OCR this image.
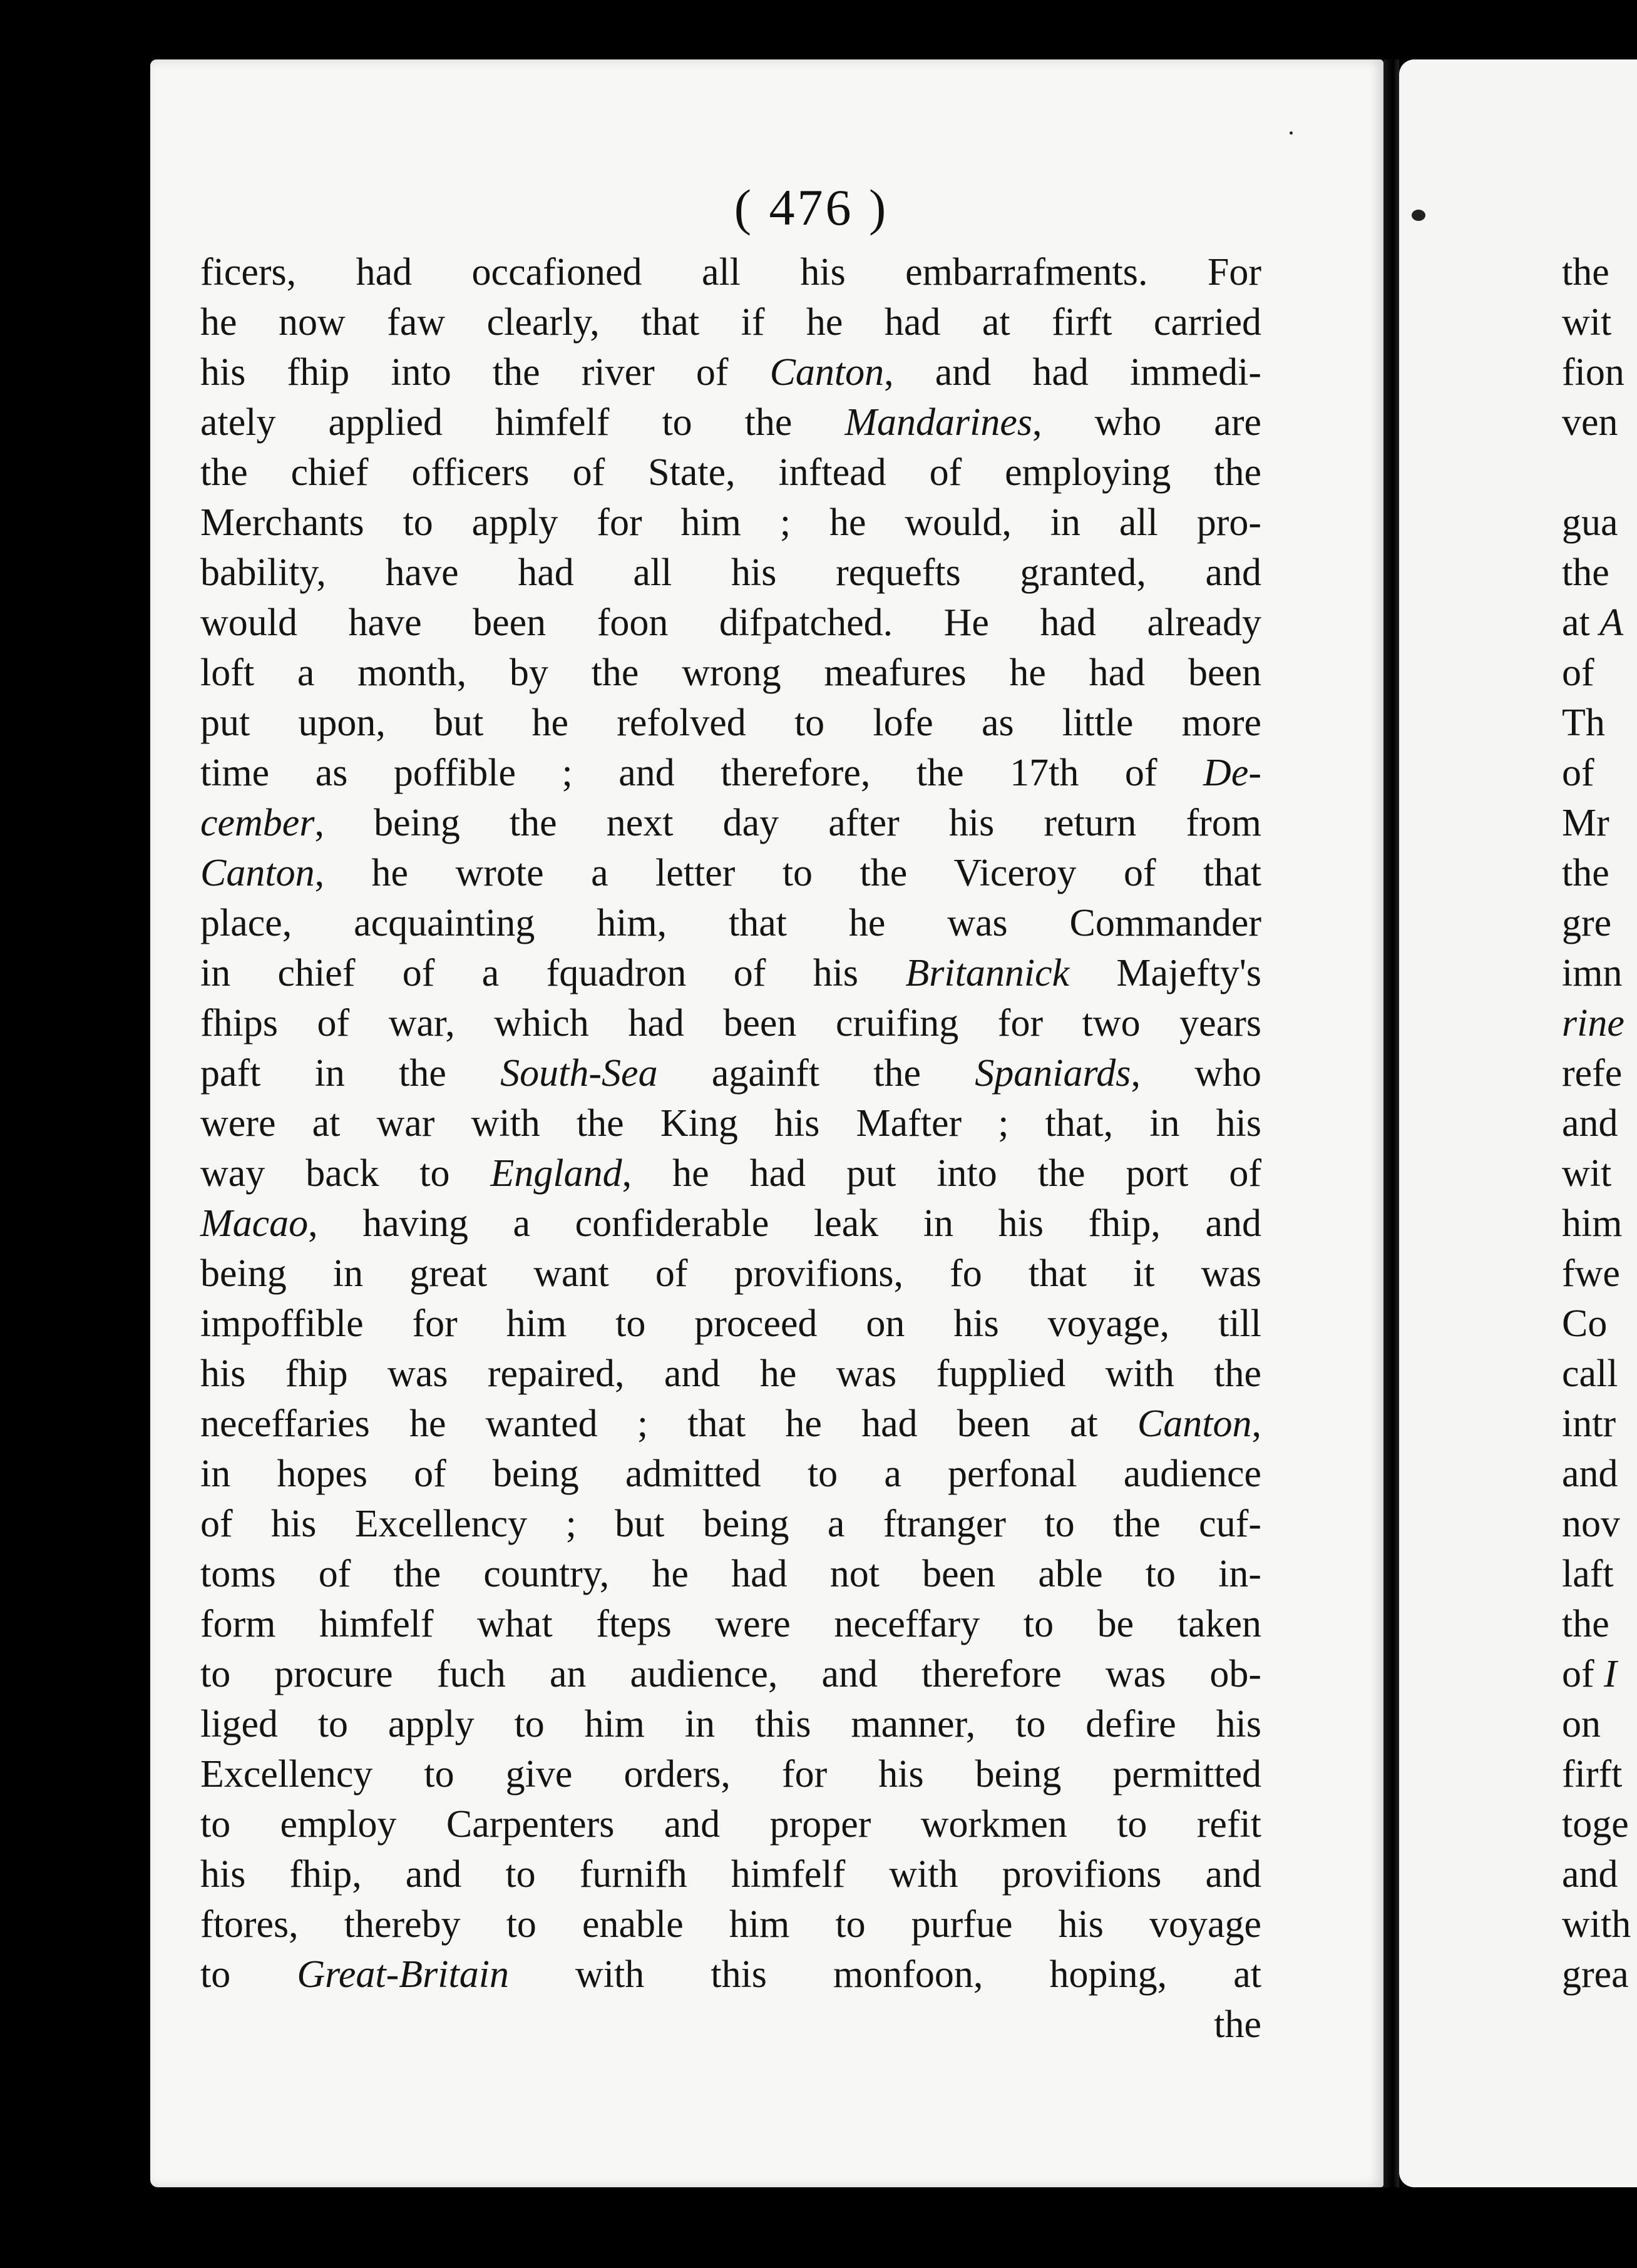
( 476 )
ficers, had occafioned all his embarrafments. For
he now faw clearly, that if he had at firft carried
his fhip into the river of Canton, and had immedi-
ately applied himfelf to the Mandarines, who are
the chief officers of State, inftead of employing the
Merchants to apply for him ; he would, in all pro-
bability, have had all his requefts granted, and
would have been foon difpatched. He had already
loft a month, by the wrong meafures he had been
put upon, but he refolved to lofe as little more
time as poffible ; and therefore, the 17th of De-
cember, being the next day after his return from
Canton, he wrote a letter to the Viceroy of that
place, acquainting him, that he was Commander
in chief of a fquadron of his Britannick Majefty's
fhips of war, which had been cruifing for two years
paft in the South-Sea againft the Spaniards, who
were at war with the King his Mafter ; that, in his
way back to England, he had put into the port of
Macao, having a confiderable leak in his fhip, and
being in great want of provifions, fo that it was
impoffible for him to proceed on his voyage, till
his fhip was repaired, and he was fupplied with the
neceffaries he wanted ; that he had been at Canton,
in hopes of being admitted to a perfonal audience
of his Excellency ; but being a ftranger to the cuf-
toms of the country, he had not been able to in-
form himfelf what fteps were neceffary to be taken
to procure fuch an audience, and therefore was ob-
liged to apply to him in this manner, to defire his
Excellency to give orders, for his being permitted
to employ Carpenters and proper workmen to refit
his fhip, and to furnifh himfelf with provifions and
ftores, thereby to enable him to purfue his voyage
to Great-Britain with this monfoon, hoping, at
the
the
wit
fion
ven
gua
the
at A
of
Th
of
Mr
the
gre
imn
rine
refe
and
wit
him
fwe
Co
call
intr
and
nov
laft
the
of I
on
firft
toge
and
with
grea
